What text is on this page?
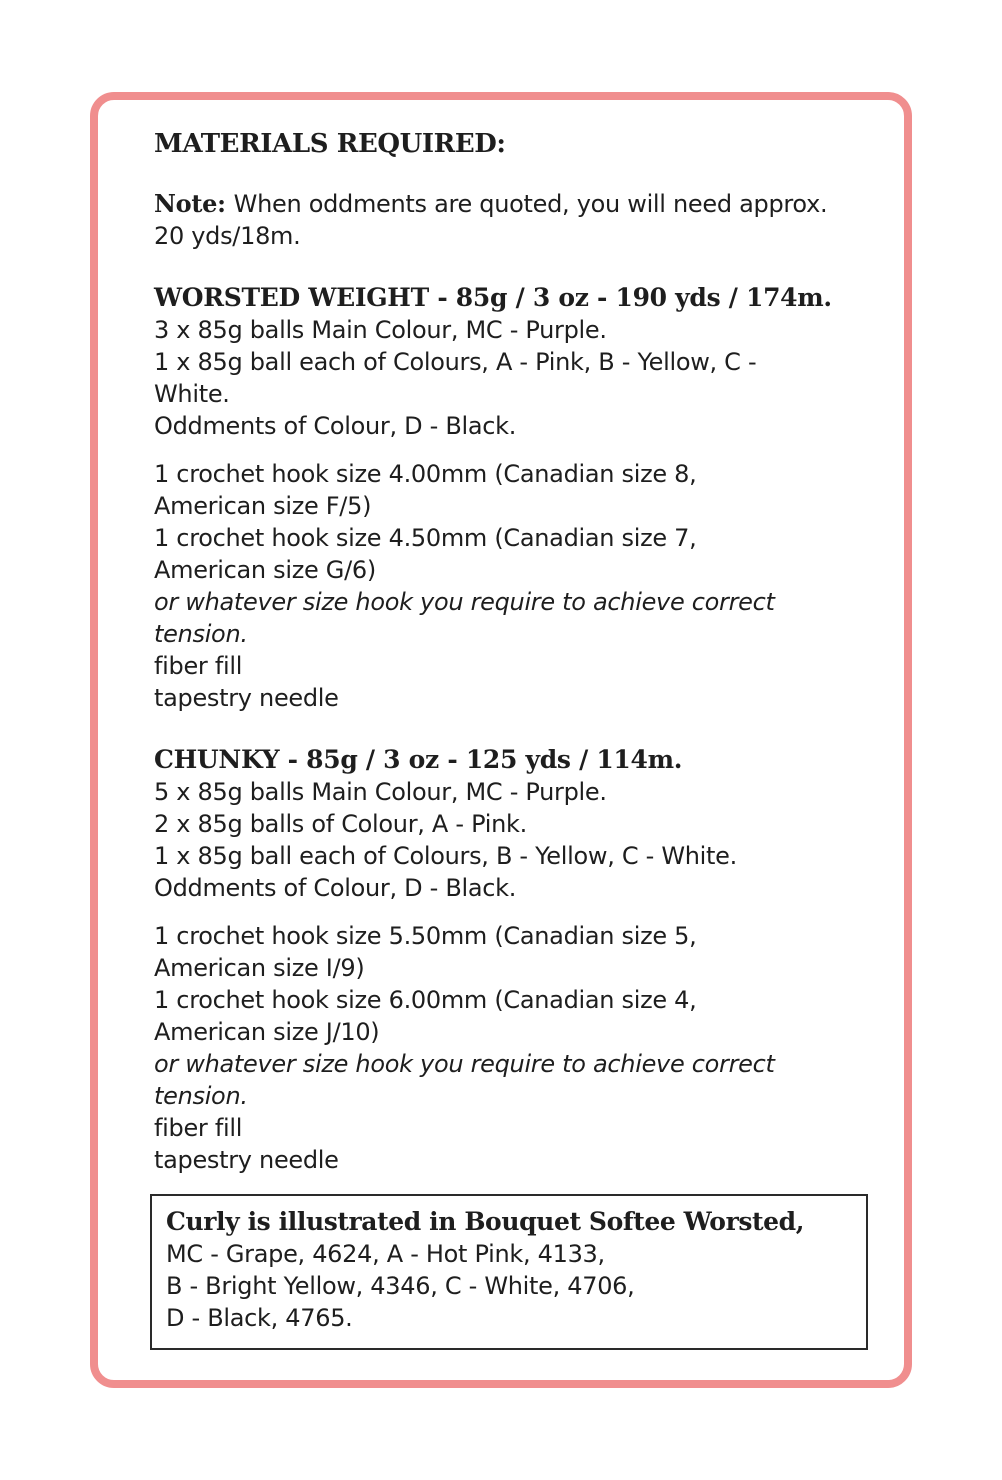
MATERIALS REQUIRED:
Note: When oddments are quoted, you will need approx.
20 yds/18m.
WORSTED WEIGHT - 85g / 3 oz - 190 yds / 174m.
3 x 85g balls Main Colour, MC - Purple.
1 x 85g ball each of Colours, A - Pink, B - Yellow, C -
White.
Oddments of Colour, D - Black.
1 crochet hook size 4.00mm (Canadian size 8,
American size F/5)
1 crochet hook size 4.50mm (Canadian size 7,
American size G/6)
or whatever size hook you require to achieve correct
tension.
fiber fill
tapestry needle
CHUNKY - 85g / 3 oz - 125 yds / 114m.
5 x 85g balls Main Colour, MC - Purple.
2 x 85g balls of Colour, A - Pink.
1 x 85g ball each of Colours, B - Yellow, C - White.
Oddments of Colour, D - Black.
1 crochet hook size 5.50mm (Canadian size 5,
American size I/9)
1 crochet hook size 6.00mm (Canadian size 4,
American size J/10)
or whatever size hook you require to achieve correct
tension.
fiber fill
tapestry needle
Curly is illustrated in Bouquet Softee Worsted,
MC - Grape, 4624, A - Hot Pink, 4133,
B - Bright Yellow, 4346, C - White, 4706,
D - Black, 4765.
